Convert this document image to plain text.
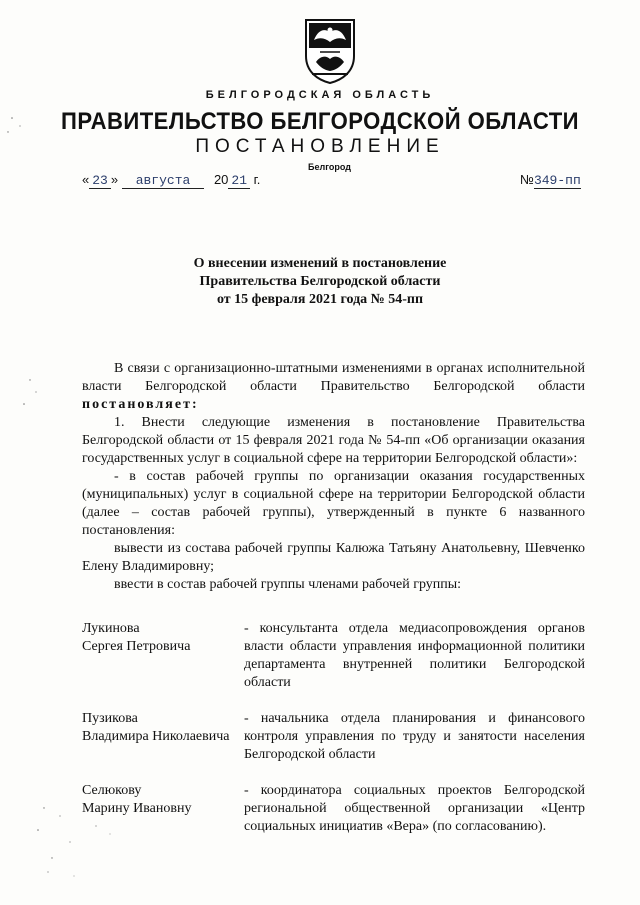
БЕЛГОРОДСКАЯ ОБЛАСТЬ
ПРАВИТЕЛЬСТВО БЕЛГОРОДСКОЙ ОБЛАСТИ
ПОСТАНОВЛЕНИЕ
Белгород
« 23 » августа 20 21 г.	№349-пп
О внесении изменений в постановление
Правительства Белгородской области
от 15 февраля 2021 года № 54-пп

В связи с организационно-штатными изменениями в органах исполнительной власти Белгородской области Правительство Белгородской области постановляет:

1. Внести следующие изменения в постановление Правительства Белгородской области от 15 февраля 2021 года № 54-пп «Об организации оказания государственных услуг в социальной сфере на территории Белгородской области»:

- в состав рабочей группы по организации оказания государственных (муниципальных) услуг в социальной сфере на территории Белгородской области (далее – состав рабочей группы), утвержденный в пункте 6 названного постановления:

вывести из состава рабочей группы Калюжа Татьяну Анатольевну, Шевченко Елену Владимировну;

ввести в состав рабочей группы членами рабочей группы:

Лукинова
Сергея Петровича
- консультанта отдела медиасопровождения органов власти области управления информационной политики департамента внутренней политики Белгородской области
Пузикова
Владимира Николаевича
- начальника отдела планирования и финансового контроля управления по труду и занятости населения Белгородской области
Селюкову
Марину Ивановну
- координатора социальных проектов Белгородской региональной общественной организации «Центр социальных инициатив «Вера» (по согласованию).
